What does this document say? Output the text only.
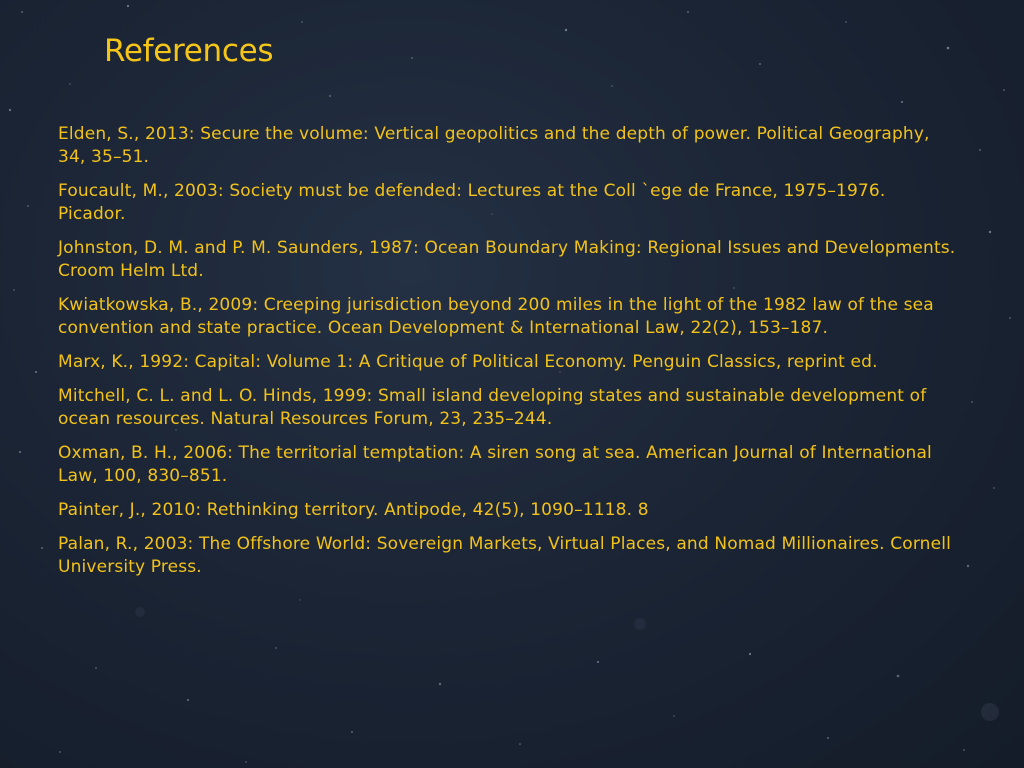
References
Elden, S., 2013: Secure the volume: Vertical geopolitics and the depth of power. Political Geography, 34, 35–51.
Foucault, M., 2003: Society must be defended: Lectures at the Coll `ege de France, 1975–1976. Picador.
Johnston, D. M. and P. M. Saunders, 1987: Ocean Boundary Making: Regional Issues and Developments. Croom Helm Ltd.
Kwiatkowska, B., 2009: Creeping jurisdiction beyond 200 miles in the light of the 1982 law of the sea convention and state practice. Ocean Development & International Law, 22(2), 153–187.
Marx, K., 1992: Capital: Volume 1: A Critique of Political Economy. Penguin Classics, reprint ed.
Mitchell, C. L. and L. O. Hinds, 1999: Small island developing states and sustainable development of ocean resources. Natural Resources Forum, 23, 235–244.
Oxman, B. H., 2006: The territorial temptation: A siren song at sea. American Journal of International Law, 100, 830–851.
Painter, J., 2010: Rethinking territory. Antipode, 42(5), 1090–1118. 8
Palan, R., 2003: The Offshore World: Sovereign Markets, Virtual Places, and Nomad Millionaires. Cornell University Press.
